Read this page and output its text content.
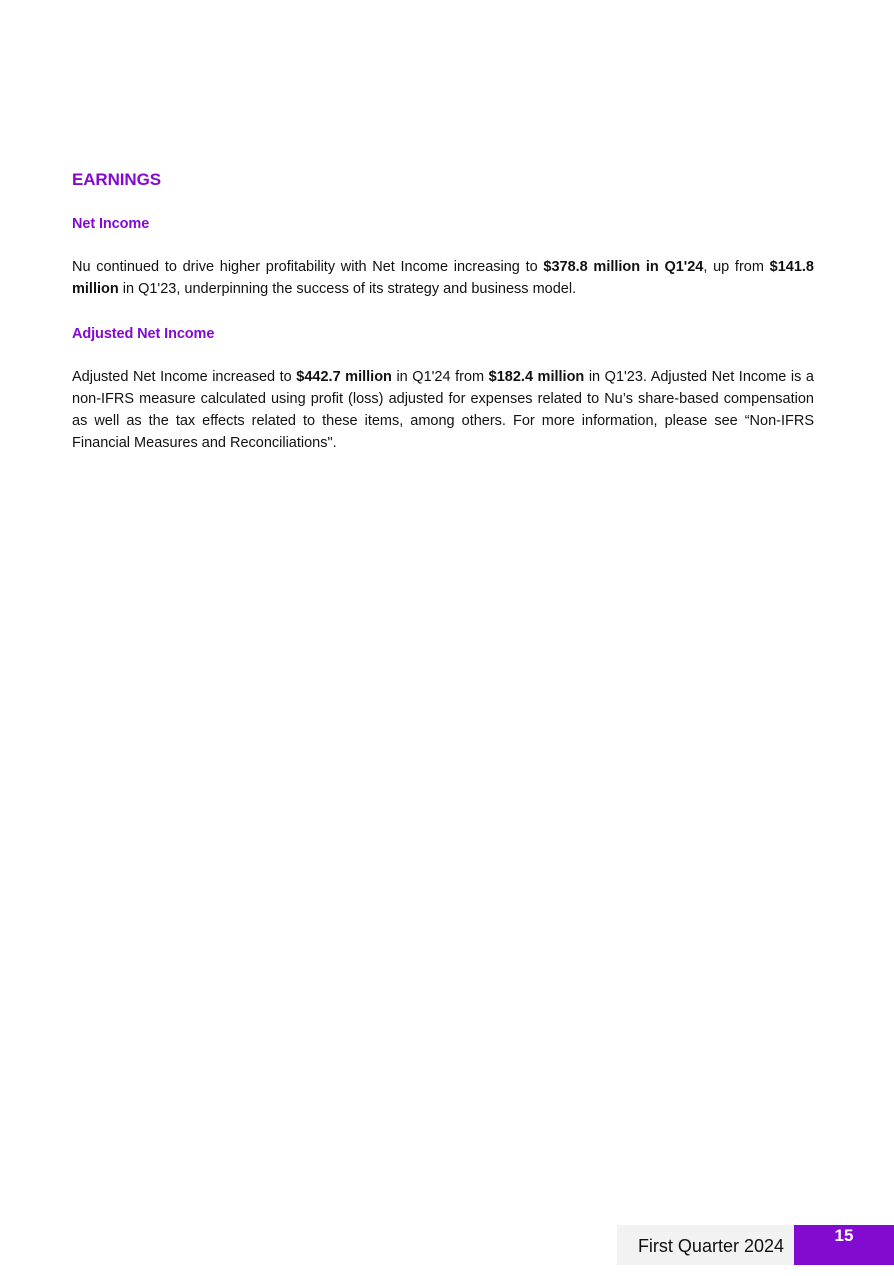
EARNINGS
Net Income

Nu continued to drive higher profitability with Net Income increasing to $378.8 million in Q1'24, up from $141.8 million in Q1'23, underpinning the success of its strategy and business model.

Adjusted Net Income

Adjusted Net Income increased to $442.7 million in Q1'24 from $182.4 million in Q1'23. Adjusted Net Income is a non-IFRS measure calculated using profit (loss) adjusted for expenses related to Nu’s share-based compensation as well as the tax effects related to these items, among others. For more information, please see “Non-IFRS Financial Measures and Reconciliations".

First Quarter 2024
15
